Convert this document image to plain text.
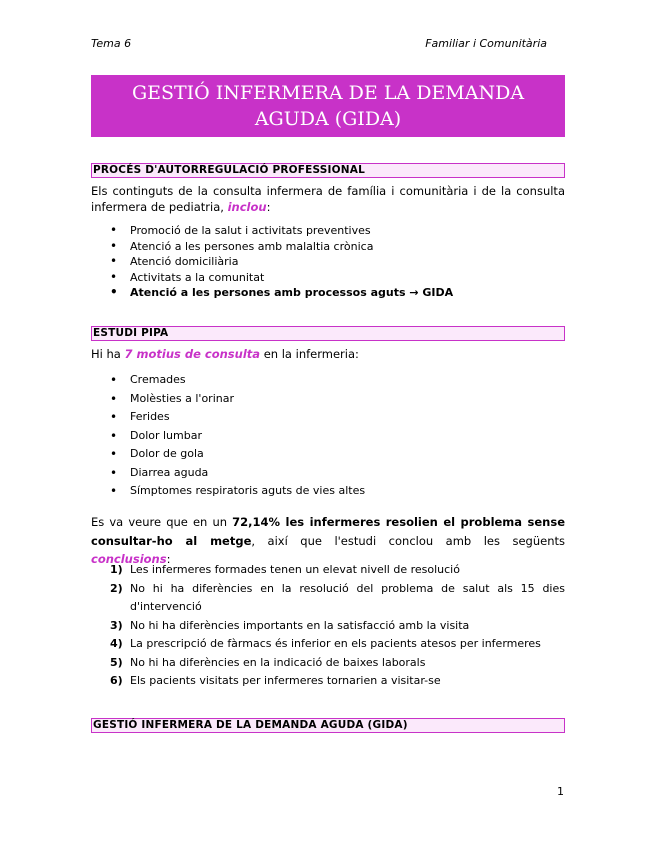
Tema 6	Familiar i Comunitària
GESTIÓ INFERMERA DE LA DEMANDA AGUDA (GIDA)
PROCÉS D'AUTORREGULACIÓ PROFESSIONAL
Els continguts de la consulta infermera de família i comunitària i de la consulta infermera de pediatria, inclou:
• Promoció de la salut i activitats preventives
• Atenció a les persones amb malaltia crònica
• Atenció domiciliària
• Activitats a la comunitat
• Atenció a les persones amb processos aguts → GIDA
ESTUDI PIPA
Hi ha 7 motius de consulta en la infermeria:
• Cremades
• Molèsties a l'orinar
• Ferides
• Dolor lumbar
• Dolor de gola
• Diarrea aguda
• Símptomes respiratoris aguts de vies altes
Es va veure que en un 72,14% les infermeres resolien el problema sense consultar-ho al metge, així que l'estudi conclou amb les següents conclusions:
1) Les infermeres formades tenen un elevat nivell de resolució
2) No hi ha diferències en la resolució del problema de salut als 15 dies d'intervenció
3) No hi ha diferències importants en la satisfacció amb la visita
4) La prescripció de fàrmacs és inferior en els pacients atesos per infermeres
5) No hi ha diferències en la indicació de baixes laborals
6) Els pacients visitats per infermeres tornarien a visitar-se
GESTIÓ INFERMERA DE LA DEMANDA AGUDA (GIDA)
1
